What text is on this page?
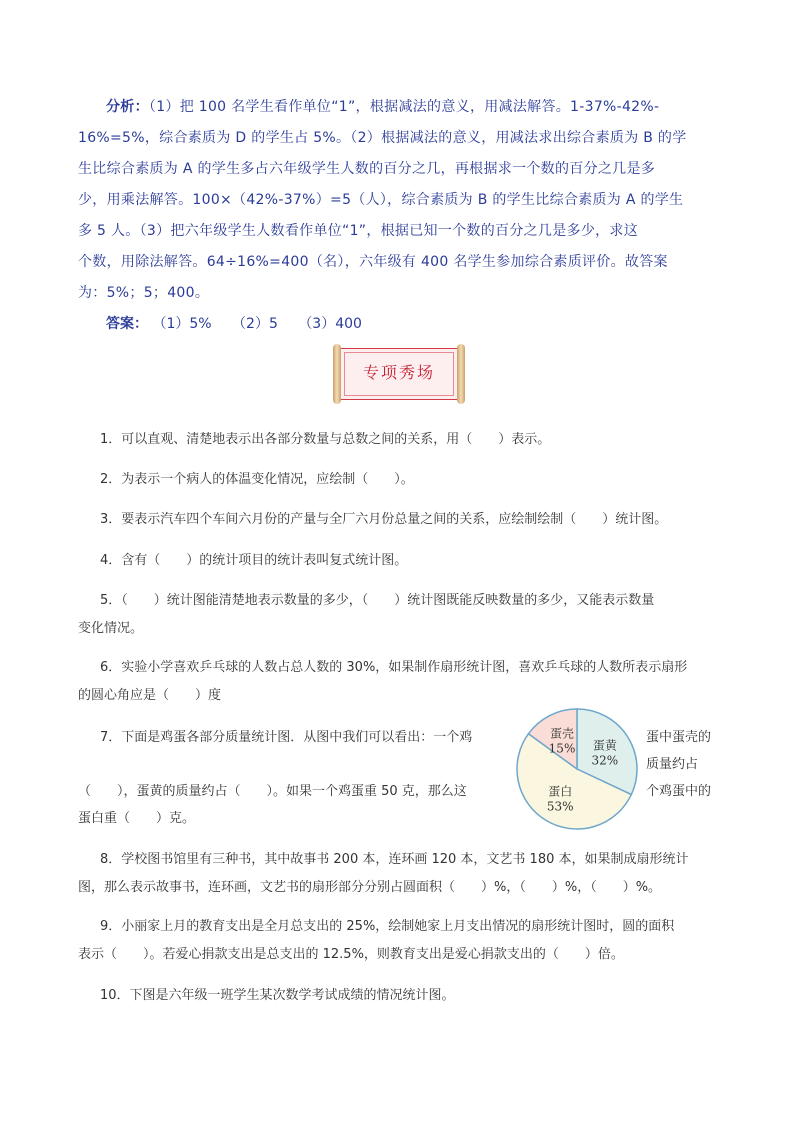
分析：（1）把 100 名学生看作单位“1”，根据减法的意义，用减法解答。1-37%-42%-
16%=5%，综合素质为 D 的学生占 5%。（2）根据减法的意义，用减法求出综合素质为 B 的学
生比综合素质为 A 的学生多占六年级学生人数的百分之几，再根据求一个数的百分之几是多
少，用乘法解答。100×（42%-37%）=5（人），综合素质为 B 的学生比综合素质为 A 的学生
多 5 人。（3）把六年级学生人数看作单位“1”，根据已知一个数的百分之几是多少，求这
个数，用除法解答。64÷16%=400（名），六年级有 400 名学生参加综合素质评价。故答案
为：5%；5；400。
答案： （1）5% （2）5 （3）400
专项秀场

1．可以直观、清楚地表示出各部分数量与总数之间的关系，用（　　）表示。

2．为表示一个病人的体温变化情况，应绘制（　　）。

3．要表示汽车四个车间六月份的产量与全厂六月份总量之间的关系，应绘制绘制（　　）统计图。

4．含有（　　）的统计项目的统计表叫复式统计图。

5．（　　）统计图能清楚地表示数量的多少，（　　）统计图既能反映数量的多少，又能表示数量

变化情况。

6．实验小学喜欢乒乓球的人数占总人数的 30%，如果制作扇形统计图，喜欢乒乓球的人数所表示扇形

的圆心角应是（　　）度
7．下面是鸡蛋各部分质量统计图．从图中我们可以看出：一个鸡	蛋中蛋壳的
质量约占
（　　），蛋黄的质量约占（　　）。如果一个鸡蛋重 50 克，那么这	个鸡蛋中的
蛋白重（　　）克。
蛋黄
32%
蛋白
53%
蛋壳
15%

8．学校图书馆里有三种书，其中故事书 200 本，连环画 120 本，文艺书 180 本，如果制成扇形统计

图，那么表示故事书，连环画，文艺书的扇形部分分别占圆面积（　　）%，（　　）%，（　　）%。

9．小丽家上月的教育支出是全月总支出的 25%，绘制她家上月支出情况的扇形统计图时，圆的面积

表示（　　）。若爱心捐款支出是总支出的 12.5%，则教育支出是爱心捐款支出的（　　）倍。

10．下图是六年级一班学生某次数学考试成绩的情况统计图。
